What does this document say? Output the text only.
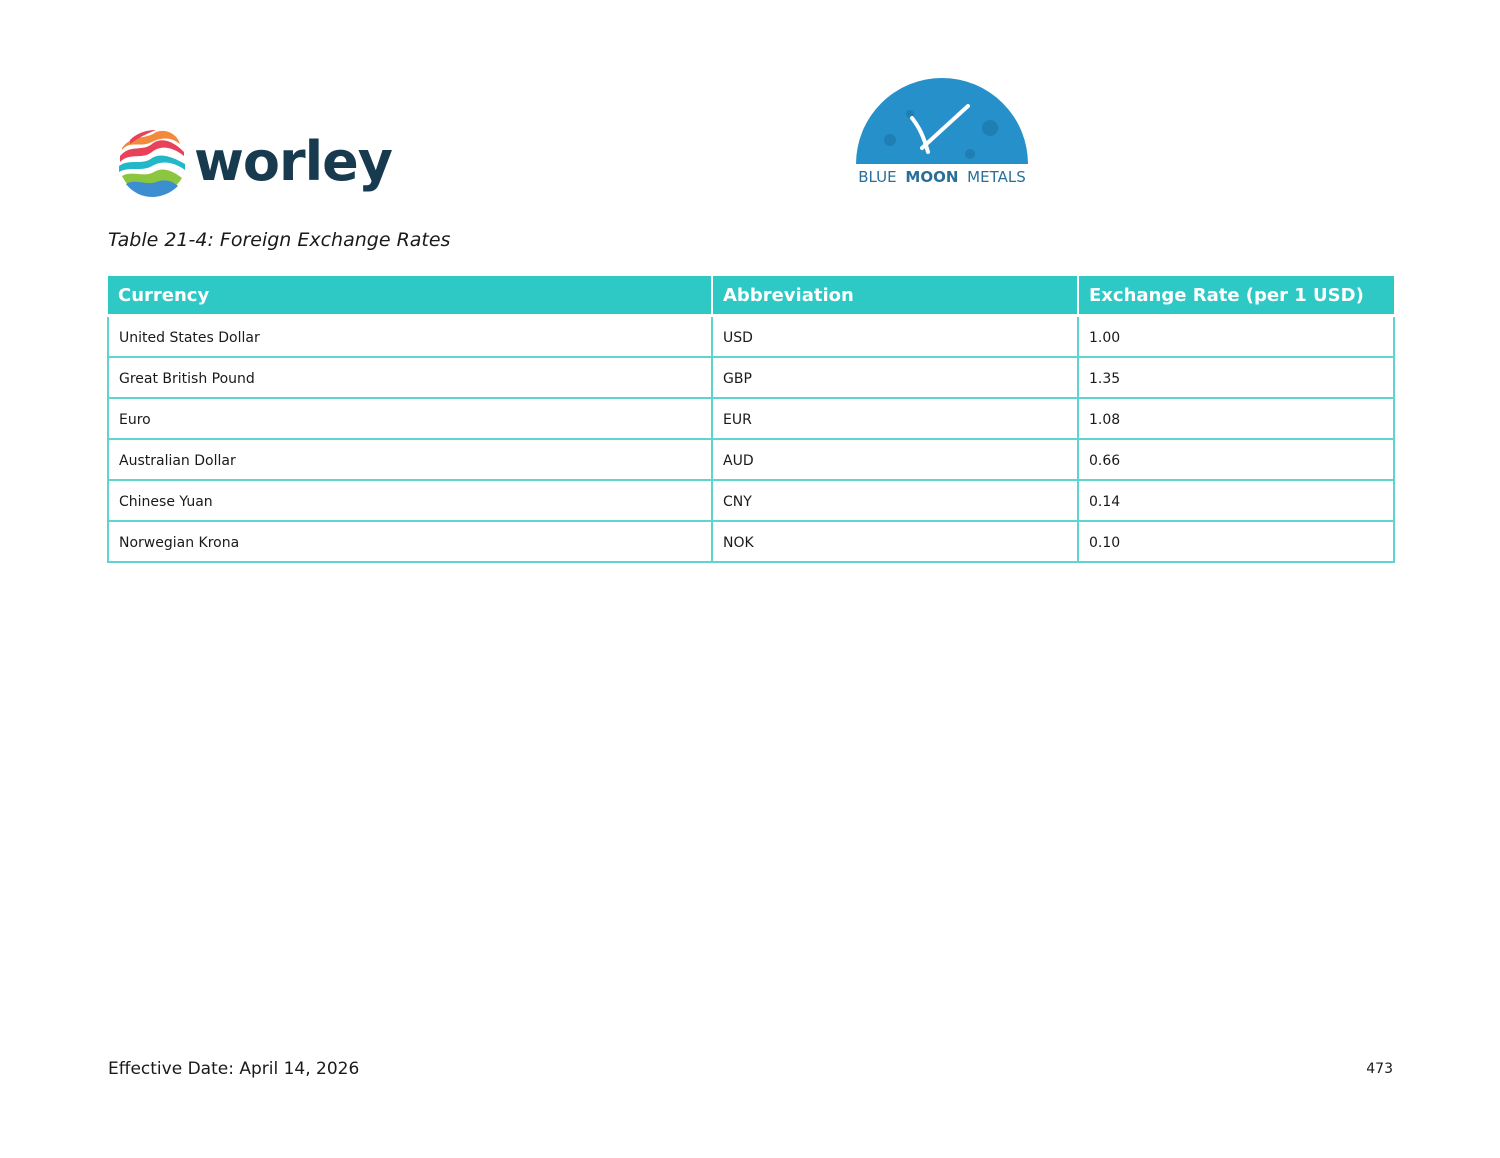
worley	BLUE MOON METALS
Table 21-4: Foreign Exchange Rates
Currency	Abbreviation	Exchange Rate (per 1 USD)
United States Dollar	USD	1.00
Great British Pound	GBP	1.35
Euro	EUR	1.08
Australian Dollar	AUD	0.66
Chinese Yuan	CNY	0.14
Norwegian Krona	NOK	0.10
Effective Date: April 14, 2026	473
